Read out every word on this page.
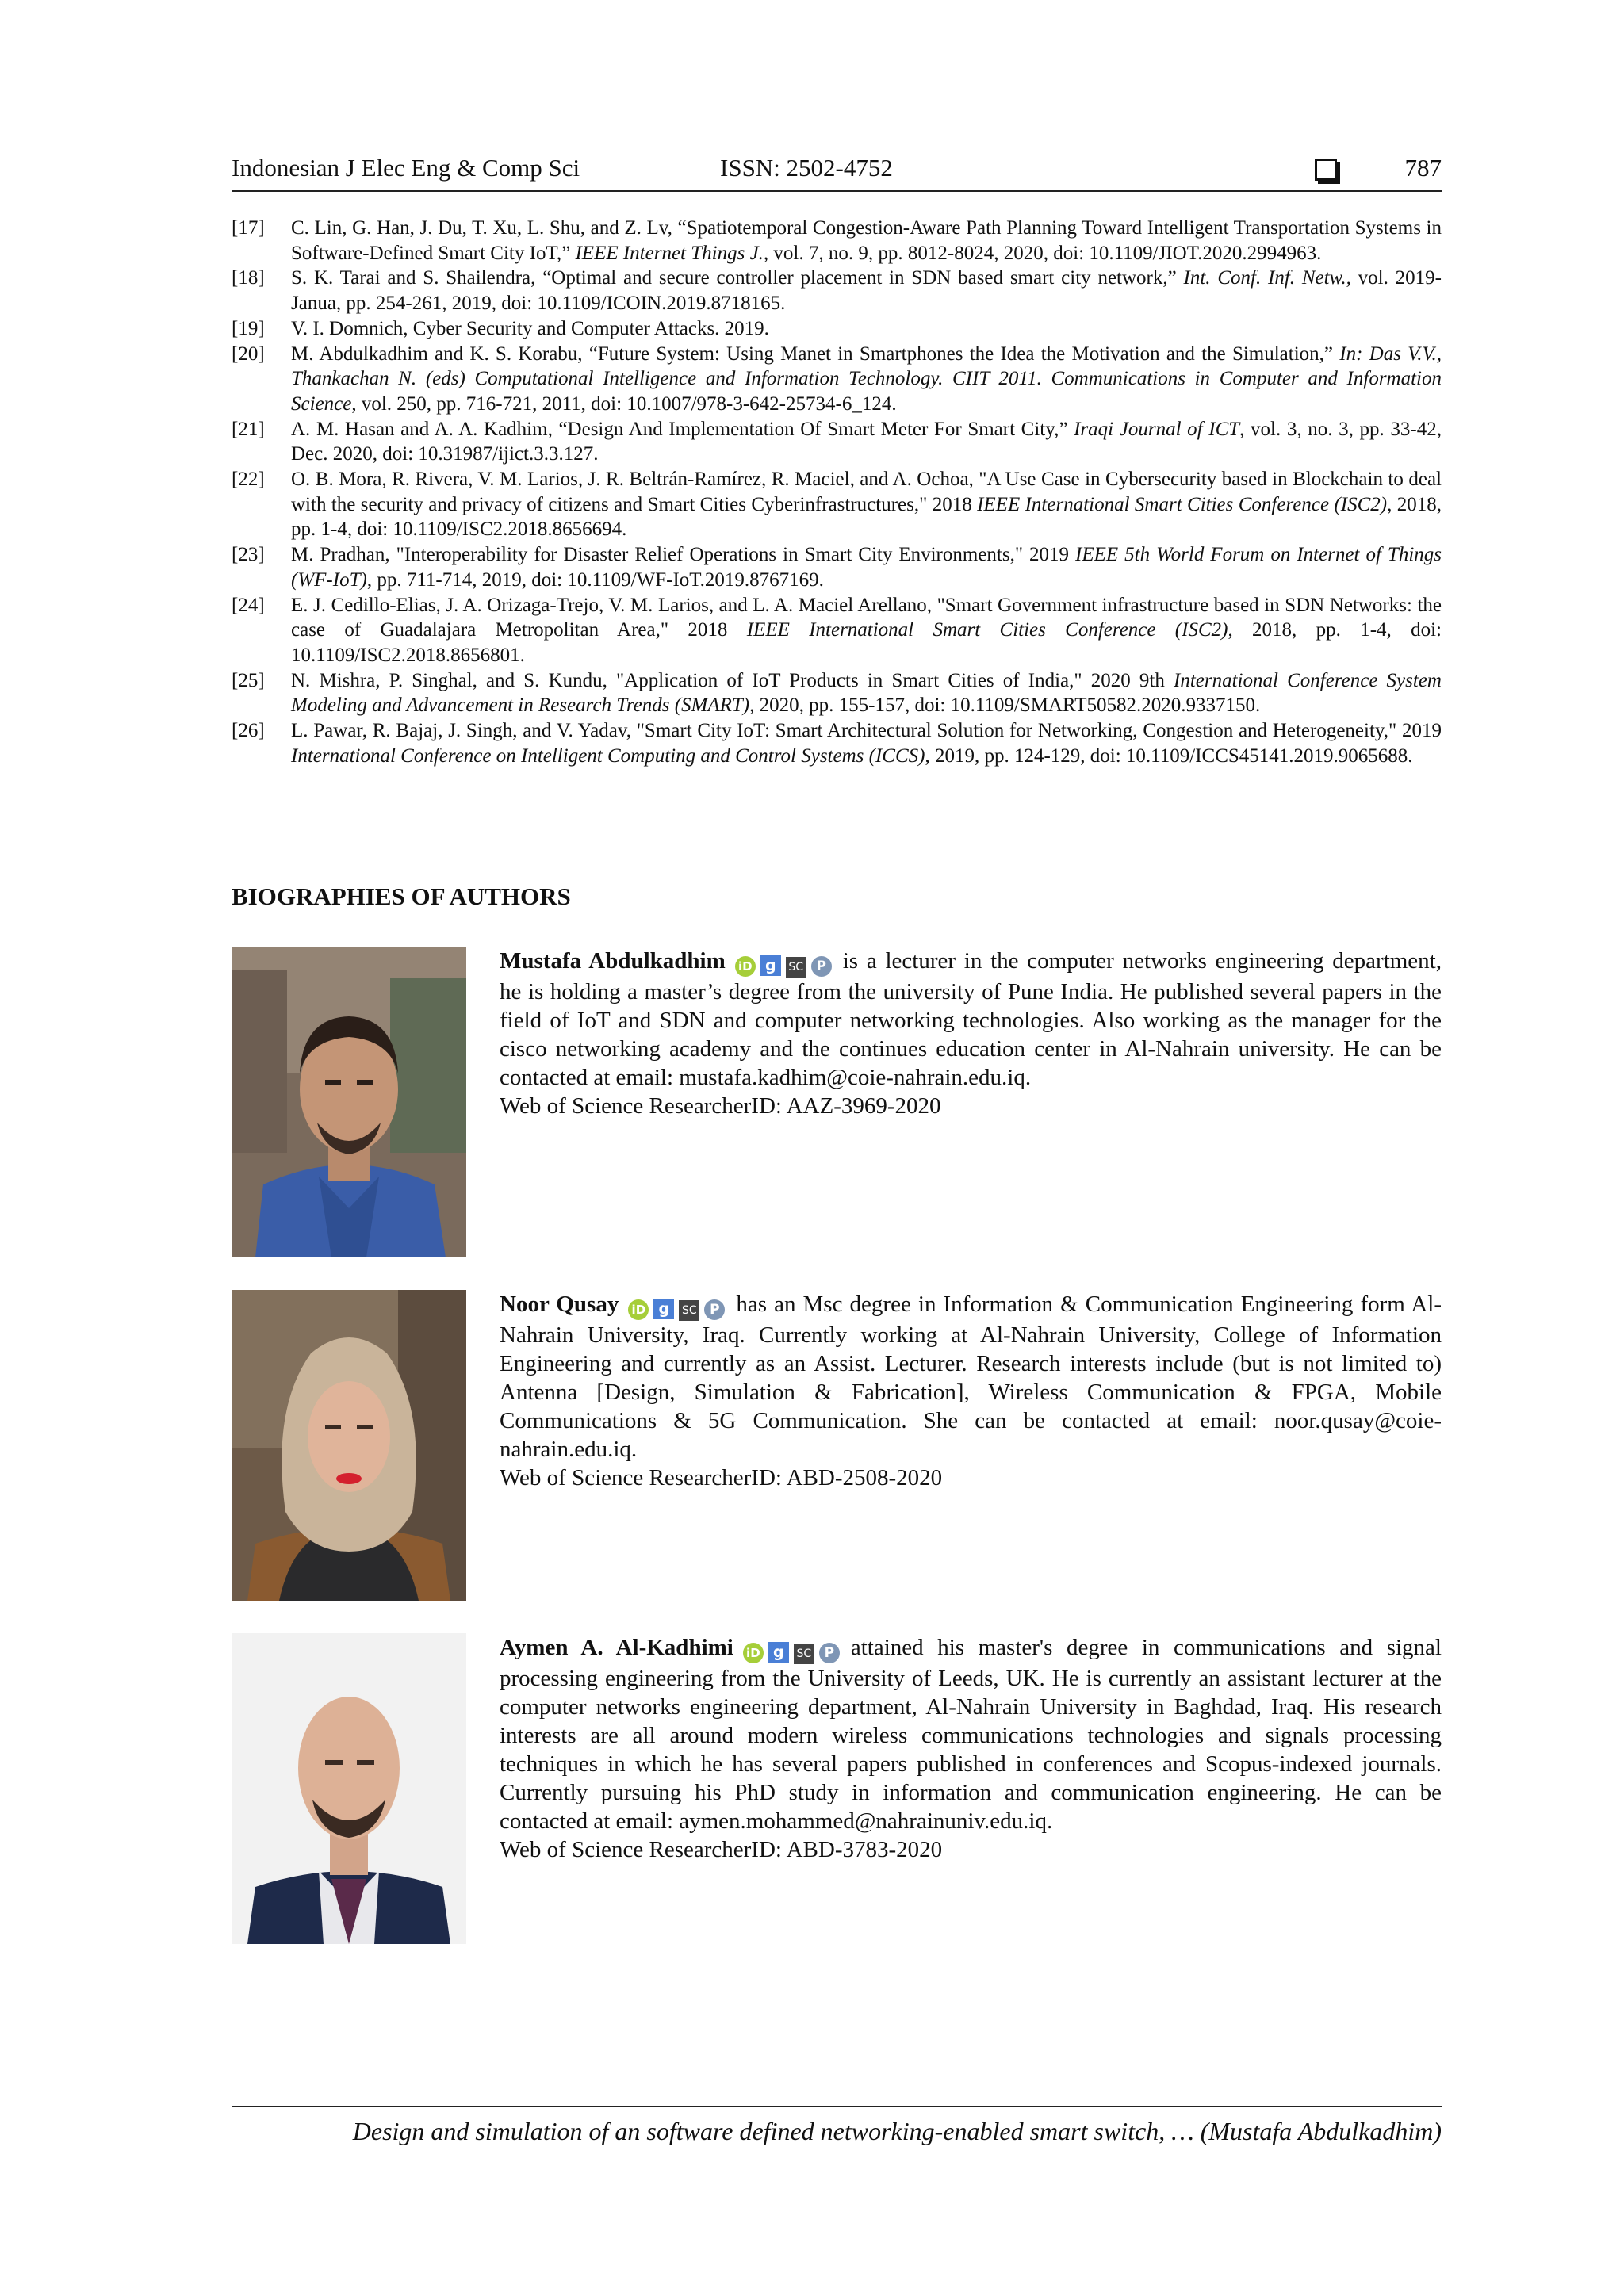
Indonesian J Elec Eng & Comp Sci	ISSN: 2502-4752	787
[17] C. Lin, G. Han, J. Du, T. Xu, L. Shu, and Z. Lv, “Spatiotemporal Congestion-Aware Path Planning Toward Intelligent Transportation Systems in Software-Defined Smart City IoT,” IEEE Internet Things J., vol. 7, no. 9, pp. 8012-8024, 2020, doi: 10.1109/JIOT.2020.2994963.
[18] S. K. Tarai and S. Shailendra, “Optimal and secure controller placement in SDN based smart city network,” Int. Conf. Inf. Netw., vol. 2019-Janua, pp. 254-261, 2019, doi: 10.1109/ICOIN.2019.8718165.
[19] V. I. Domnich, Cyber Security and Computer Attacks. 2019.
[20] M. Abdulkadhim and K. S. Korabu, “Future System: Using Manet in Smartphones the Idea the Motivation and the Simulation,” In: Das V.V., Thankachan N. (eds) Computational Intelligence and Information Technology. CIIT 2011. Communications in Computer and Information Science, vol. 250, pp. 716-721, 2011, doi: 10.1007/978-3-642-25734-6_124.
[21] A. M. Hasan and A. A. Kadhim, “Design And Implementation Of Smart Meter For Smart City,” Iraqi Journal of ICT, vol. 3, no. 3, pp. 33-42, Dec. 2020, doi: 10.31987/ijict.3.3.127.
[22] O. B. Mora, R. Rivera, V. M. Larios, J. R. Beltrán-Ramírez, R. Maciel, and A. Ochoa, "A Use Case in Cybersecurity based in Blockchain to deal with the security and privacy of citizens and Smart Cities Cyberinfrastructures," 2018 IEEE International Smart Cities Conference (ISC2), 2018, pp. 1-4, doi: 10.1109/ISC2.2018.8656694.
[23] M. Pradhan, "Interoperability for Disaster Relief Operations in Smart City Environments," 2019 IEEE 5th World Forum on Internet of Things (WF-IoT), pp. 711-714, 2019, doi: 10.1109/WF-IoT.2019.8767169.
[24] E. J. Cedillo-Elias, J. A. Orizaga-Trejo, V. M. Larios, and L. A. Maciel Arellano, "Smart Government infrastructure based in SDN Networks: the case of Guadalajara Metropolitan Area," 2018 IEEE International Smart Cities Conference (ISC2), 2018, pp. 1-4, doi: 10.1109/ISC2.2018.8656801.
[25] N. Mishra, P. Singhal, and S. Kundu, "Application of IoT Products in Smart Cities of India," 2020 9th International Conference System Modeling and Advancement in Research Trends (SMART), 2020, pp. 155-157, doi: 10.1109/SMART50582.2020.9337150.
[26] L. Pawar, R. Bajaj, J. Singh, and V. Yadav, "Smart City IoT: Smart Architectural Solution for Networking, Congestion and Heterogeneity," 2019 International Conference on Intelligent Computing and Control Systems (ICCS), 2019, pp. 124-129, doi: 10.1109/ICCS45141.2019.9065688.
BIOGRAPHIES OF AUTHORS
Mustafa Abdulkadhim iD g SC P is a lecturer in the computer networks engineering department, he is holding a master’s degree from the university of Pune India. He published several papers in the field of IoT and SDN and computer networking technologies. Also working as the manager for the cisco networking academy and the continues education center in Al-Nahrain university. He can be contacted at email: mustafa.kadhim@coie-nahrain.edu.iq.
Web of Science ResearcherID: AAZ-3969-2020
Noor Qusay iD g SC P has an Msc degree in Information & Communication Engineering form Al-Nahrain University, Iraq. Currently working at Al-Nahrain University, College of Information Engineering and currently as an Assist. Lecturer. Research interests include (but is not limited to) Antenna [Design, Simulation & Fabrication], Wireless Communication & FPGA, Mobile Communications & 5G Communication. She can be contacted at email: noor.qusay@coie-nahrain.edu.iq.
Web of Science ResearcherID: ABD-2508-2020
Aymen A. Al-Kadhimi iD g SC P attained his master's degree in communications and signal processing engineering from the University of Leeds, UK. He is currently an assistant lecturer at the computer networks engineering department, Al-Nahrain University in Baghdad, Iraq. His research interests are all around modern wireless communications technologies and signals processing techniques in which he has several papers published in conferences and Scopus-indexed journals. Currently pursuing his PhD study in information and communication engineering. He can be contacted at email: aymen.mohammed@nahrainuniv.edu.iq.
Web of Science ResearcherID: ABD-3783-2020
Design and simulation of an software defined networking-enabled smart switch, … (Mustafa Abdulkadhim)
